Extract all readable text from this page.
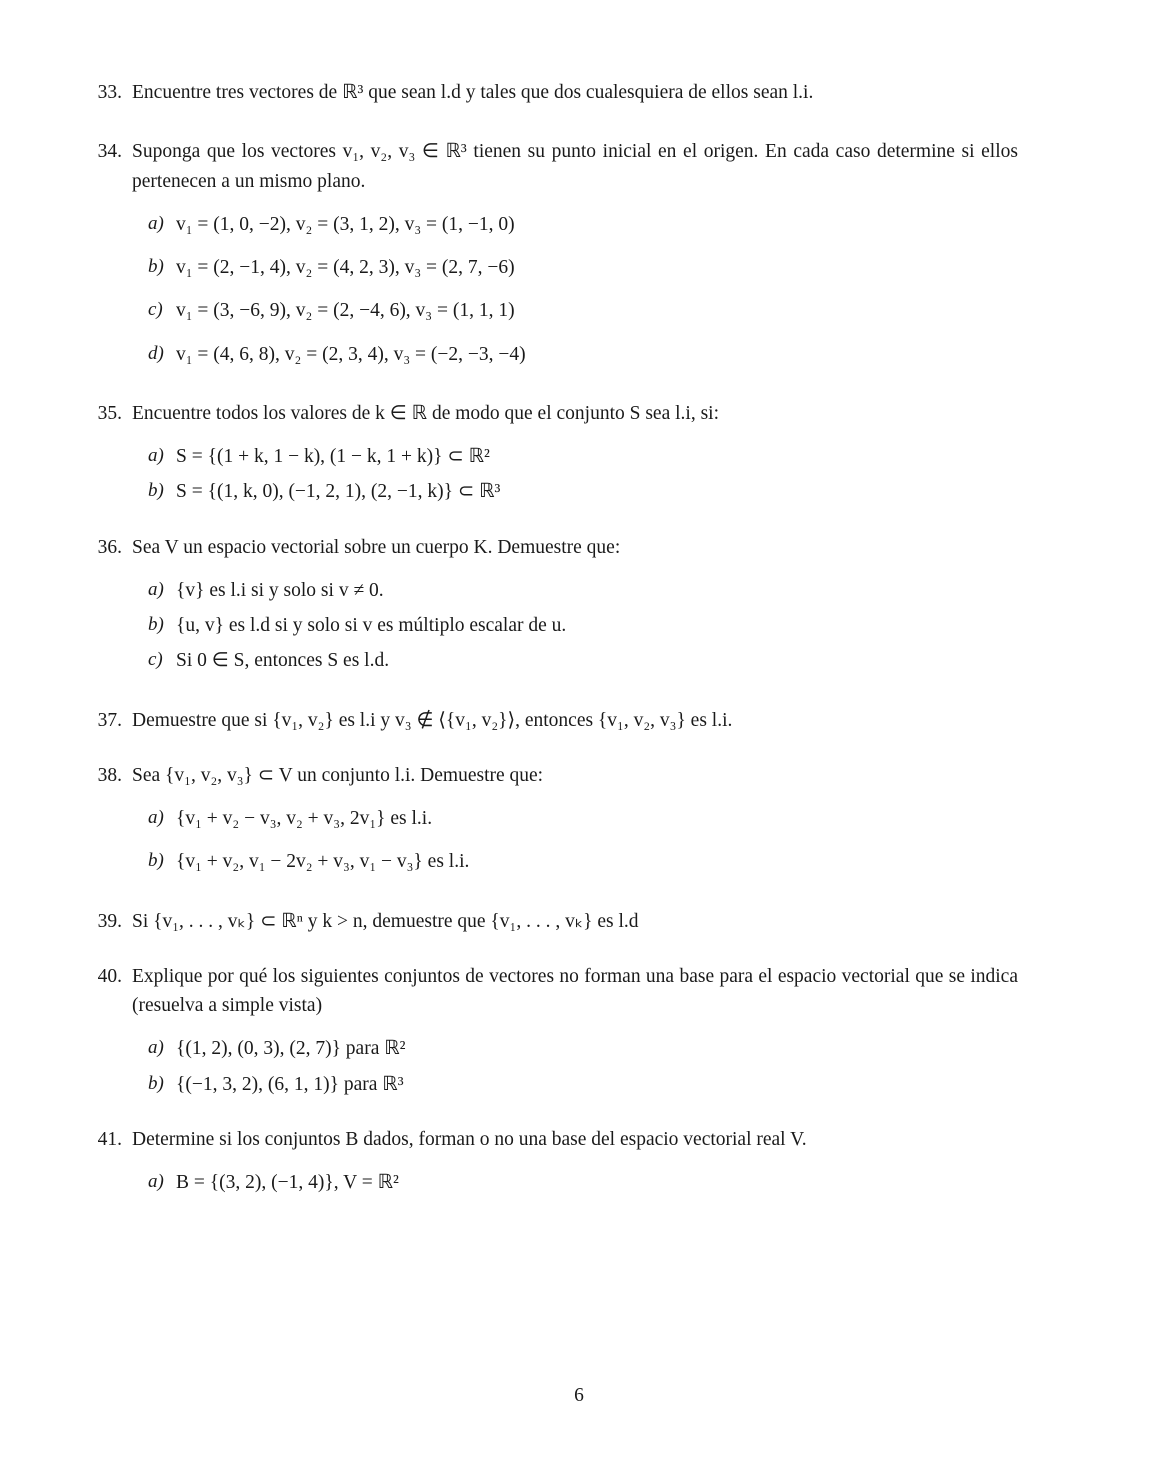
33. Encuentre tres vectores de ℝ³ que sean l.d y tales que dos cualesquiera de ellos sean l.i.
34. Suponga que los vectores v₁, v₂, v₃ ∈ ℝ³ tienen su punto inicial en el origen. En cada caso determine si ellos pertenecen a un mismo plano.
a) v₁ = (1, 0, −2), v₂ = (3, 1, 2), v₃ = (1, −1, 0)
b) v₁ = (2, −1, 4), v₂ = (4, 2, 3), v₃ = (2, 7, −6)
c) v₁ = (3, −6, 9), v₂ = (2, −4, 6), v₃ = (1, 1, 1)
d) v₁ = (4, 6, 8), v₂ = (2, 3, 4), v₃ = (−2, −3, −4)
35. Encuentre todos los valores de k ∈ ℝ de modo que el conjunto S sea l.i, si:
a) S = {(1 + k, 1 − k), (1 − k, 1 + k)} ⊂ ℝ²
b) S = {(1, k, 0), (−1, 2, 1), (2, −1, k)} ⊂ ℝ³
36. Sea V un espacio vectorial sobre un cuerpo K. Demuestre que:
a) {v} es l.i si y solo si v ≠ 0.
b) {u, v} es l.d si y solo si v es múltiplo escalar de u.
c) Si 0 ∈ S, entonces S es l.d.
37. Demuestre que si {v₁, v₂} es l.i y v₃ ∉ ⟨{v₁, v₂}⟩, entonces {v₁, v₂, v₃} es l.i.
38. Sea {v₁, v₂, v₃} ⊂ V un conjunto l.i. Demuestre que:
a) {v₁ + v₂ − v₃, v₂ + v₃, 2v₁} es l.i.
b) {v₁ + v₂, v₁ − 2v₂ + v₃, v₁ − v₃} es l.i.
39. Si {v₁, . . . , vₖ} ⊂ ℝⁿ y k > n, demuestre que {v₁, . . . , vₖ} es l.d
40. Explique por qué los siguientes conjuntos de vectores no forman una base para el espacio vectorial que se indica (resuelva a simple vista)
a) {(1, 2), (0, 3), (2, 7)} para ℝ²
b) {(−1, 3, 2), (6, 1, 1)} para ℝ³
41. Determine si los conjuntos B dados, forman o no una base del espacio vectorial real V.
a) B = {(3, 2), (−1, 4)}, V = ℝ²
6
